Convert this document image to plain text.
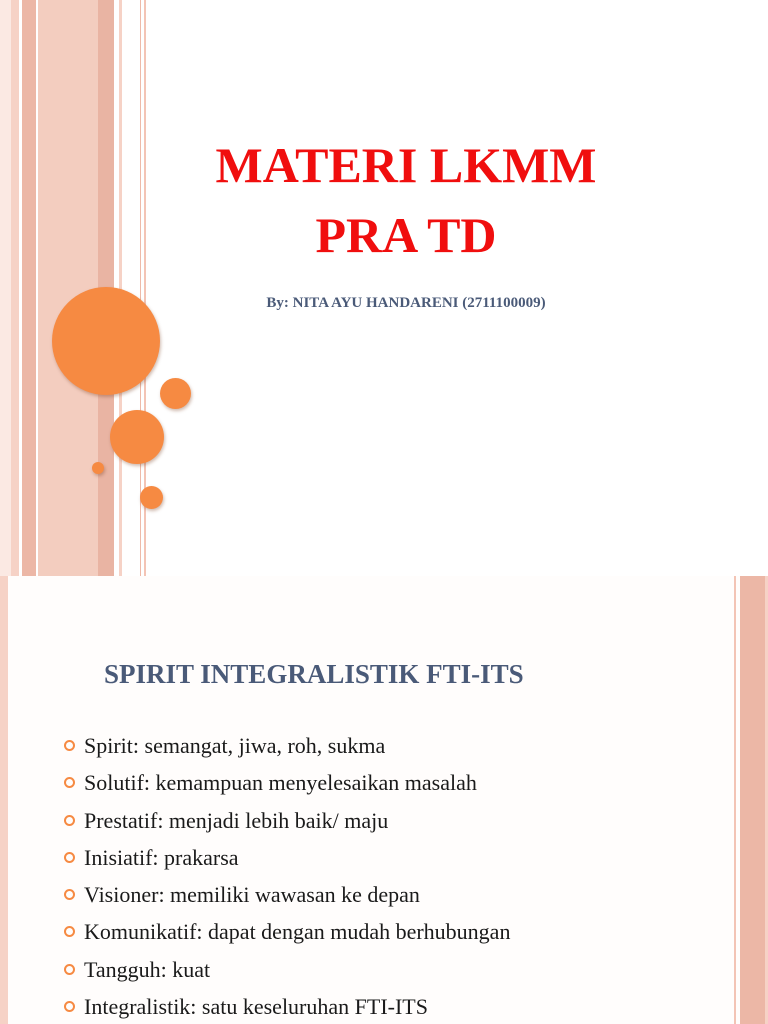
MATERI LKMM
PRA TD
By: NITA AYU HANDARENI (2711100009)
SPIRIT INTEGRALISTIK FTI-ITS
Spirit: semangat, jiwa, roh, sukma
Solutif: kemampuan menyelesaikan masalah
Prestatif: menjadi lebih baik/ maju
Inisiatif: prakarsa
Visioner: memiliki wawasan ke depan
Komunikatif: dapat dengan mudah berhubungan
Tangguh: kuat
Integralistik: satu keseluruhan FTI-ITS
